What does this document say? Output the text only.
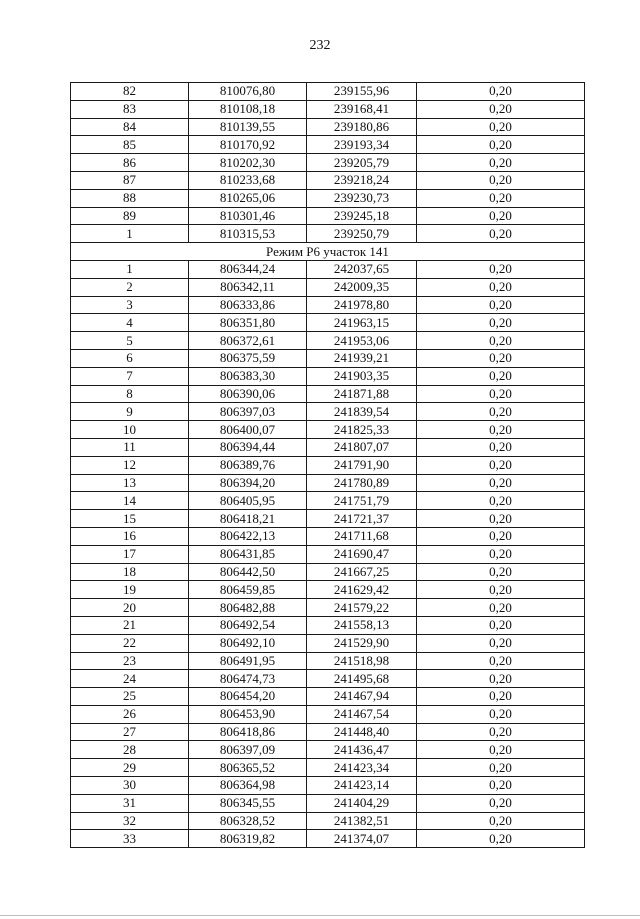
232
82	810076,80	239155,96	0,20
83	810108,18	239168,41	0,20
84	810139,55	239180,86	0,20
85	810170,92	239193,34	0,20
86	810202,30	239205,79	0,20
87	810233,68	239218,24	0,20
88	810265,06	239230,73	0,20
89	810301,46	239245,18	0,20
1	810315,53	239250,79	0,20
Режим Р6 участок 141			
1	806344,24	242037,65	0,20
2	806342,11	242009,35	0,20
3	806333,86	241978,80	0,20
4	806351,80	241963,15	0,20
5	806372,61	241953,06	0,20
6	806375,59	241939,21	0,20
7	806383,30	241903,35	0,20
8	806390,06	241871,88	0,20
9	806397,03	241839,54	0,20
10	806400,07	241825,33	0,20
11	806394,44	241807,07	0,20
12	806389,76	241791,90	0,20
13	806394,20	241780,89	0,20
14	806405,95	241751,79	0,20
15	806418,21	241721,37	0,20
16	806422,13	241711,68	0,20
17	806431,85	241690,47	0,20
18	806442,50	241667,25	0,20
19	806459,85	241629,42	0,20
20	806482,88	241579,22	0,20
21	806492,54	241558,13	0,20
22	806492,10	241529,90	0,20
23	806491,95	241518,98	0,20
24	806474,73	241495,68	0,20
25	806454,20	241467,94	0,20
26	806453,90	241467,54	0,20
27	806418,86	241448,40	0,20
28	806397,09	241436,47	0,20
29	806365,52	241423,34	0,20
30	806364,98	241423,14	0,20
31	806345,55	241404,29	0,20
32	806328,52	241382,51	0,20
33	806319,82	241374,07	0,20
